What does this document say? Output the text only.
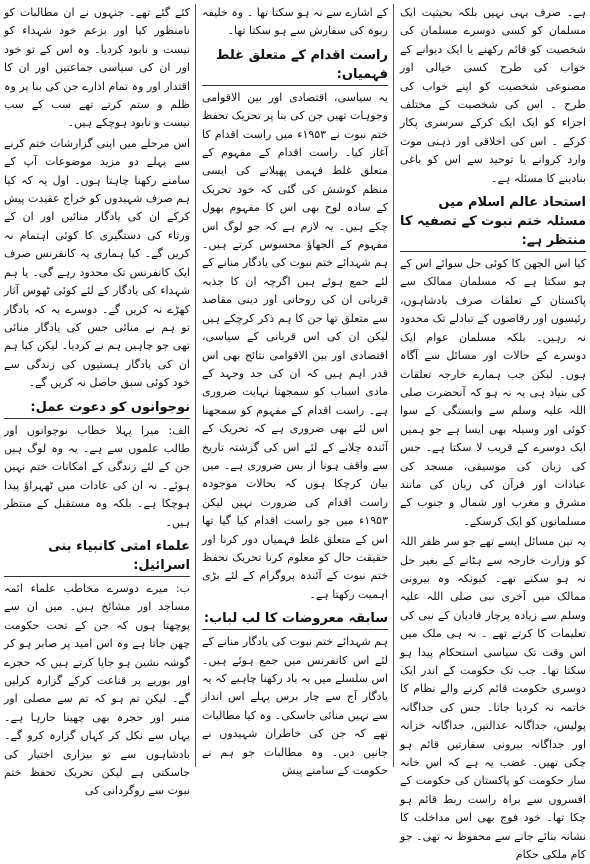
ہے۔ صرف یہی نہیں بلکہ بحیثیت ایک مسلمان کو کسی دوسرے مسلمان کی شخصیت کو قائم رکھنے یا ایک دیوانے کے خواب کی طرح کسی خیالی اور مصنوعی شخصیت کو اپنے خواب کی طرح ۔ اس کی شخصیت کے مختلف اجزاء کو ایک ایک کرکے سرسری پکار کرکے ۔ اس کی اخلاقی اور ذہنی موت وارد کروانے یا توحید سے اس کو باغی بنادینے کا مسئلہ ہے۔

استحاد عالم اسلام میں مسئلہ ختم نبوت کے تصفیہ کا منتظر ہے:

کیا اس الجھن کا کوئی حل سوائے اس کے ہو سکتا ہے کہ مسلمان ممالک سے پاکستان کے تعلقات صرف بادشاہوں، رئیسوں اور رقاصوں کے تبادلے تک محدود نہ رہیں۔ بلکہ مسلمان عوام ایک دوسرے کے حالات اور مسائل سے آگاہ ہوں۔ لیکن جب ہمارے خارجہ تعلقات کی بنیاد ہی یہ نہ ہو کہ آنحضرت صلی اللہ علیہ وسلم سے وابستگی کے سوا کوئی اور وسیلہ بھی ایسا ہے جو ہمیں ایک دوسرے کے قریب لا سکتا ہے۔ جس کی زبان کی موسیقی، مسجد کی عبادات اور قرآن کی زبان کی مانند مشرق و مغرب اور شمال و جنوب کے مسلمانوں کو ایک کرسکے۔

یہ تین مسائل ایسے تھے جو سر ظفر اللہ کو وزارت خارجہ سے ہٹانے کے بغیر حل نہ ہو سکتے تھے۔ کیونکہ وہ بیرونی ممالک میں آخری نبی صلی اللہ علیہ وسلم سے زیادہ پرچار قادیان کے نبی کی تعلیمات کا کرتے تھے ۔ نہ ہی ملک میں اس وقت تک سیاسی استحکام پیدا ہو سکتا تھا۔ جب تک حکومت کے اندر ایک دوسری حکومت قائم کرنے والے نظام کا خاتمہ نہ کردیا جاتا۔ جس کی جداگانہ پولیس، جداگانہ عدالتیں، جداگانہ خزانہ اور جداگانہ بیرونی سفارتیں قائم ہو چکی تھیں۔ غضب یہ ہے کہ اس خانہ ساز حکومت کو پاکستان کی حکومت کے افسروں سے براہ راست ربط قائم ہو چکا تھا۔ خود فوج بھی اس مداخلت کا نشانہ بنائے جانے سے محفوظ نہ تھی۔ جو کام ملکی حکام

کے اشارے سے نہ ہو سکتا تھا ۔ وہ خلیفہ ربوہ کی سفارش سے ہو سکتا تھا۔

راست اقدام کے متعلق غلط فہمیاں:

یہ سیاسی، اقتصادی اور بین الاقوامی وجوہات تھیں جن کی بنا پر تحریک تحفظ ختم نبوت نے ۱۹۵۳ء میں راست اقدام کا آغاز کیا۔ راست اقدام کے مفہوم کے متعلق غلط فہمی پھیلانے کی ایسی منظم کوشش کی گئی کہ خود تحریک کے سادہ لوح بھی اس کا مفہوم بھول چکے ہیں۔ یہ لازم ہے کہ جو لوگ اس مفہوم کے الجھاؤ محسوس کرتے ہیں۔ ہم شہدائے ختم نبوت کی یادگار منانے کے لئے جمع ہوئے ہیں اگرچہ ان کا جذبہ قربانی ان کی روحانی اور دینی مقاصد سے متعلق تھا جن کا ہم ذکر کرچکے ہیں لیکن ان کی اس قربانی کے سیاسی، اقتصادی اور بین الاقوامی نتائج بھی اس قدر اہم ہیں کہ ان کی جد وجہد کے مادی اسباب کو سمجھنا نہایت ضروری ہے۔ راست اقدام کے مفہوم کو سمجھنا اس لئے بھی ضروری ہے کہ تحریک کے آئندہ چلانے کے لئے اس کی گزشتہ تاریخ سے واقف ہونا از بس ضروری ہے۔ میں بیان کرچکا ہوں کہ بحالات موجودہ راست اقدام کی ضرورت نہیں لیکن ۱۹۵۳ء میں جو راست اقدام کیا گیا تھا اس کے متعلق غلط فہمیاں دور کرنا اور حقیقت حال کو معلوم کرنا تحریک تحفظ ختم نبوت کے آئندہ پروگرام کے لئے بڑی اہمیت رکھتا ہے۔

سابقہ معروضات کا لب لباب:

ہم شہدائے ختم نبوت کی یادگار منانے کے لئے اس کانفرنس میں جمع ہوئے ہیں۔ اس سلسلے میں یہ یاد رکھنا چاہیے کہ یہ یادگار آج سے چار برس پہلے اس انداز سے نہیں منائی جاسکی۔ وہ کیا مطالبات تھے کہ جن کی خاطران شہیدوں نے جانیں دیں۔ وہ مطالبات جو ہم نے حکومت کے سامنے پیش

کئے گئے تھے۔ جنہوں نے ان مطالبات کو نامنظور کیا اور بزعم خود شہداء کو نیست و نابود کردیا۔ وہ اس کے تو خود اور ان کی سیاسی جماعتیں اور ان کا اقتدار اور وہ تمام ادارے جن کی بنا پر وہ ظلم و ستم کرتے تھے سب کے سب نیست و نابود ہوچکے ہیں۔

اس مرحلے میں اپنی گزارشات ختم کرنے سے پہلے دو مزید موضوعات آپ کے سامنے رکھنا چاہتا ہوں۔ اول یہ کہ کیا ہم صرف شہیدوں کو خراج عقیدت پیش کرکے ان کی یادگار منائیں اور ان کے ورثاء کی دستگیری کا کوئی اہتمام نہ کریں گے۔ کیا ہماری یہ کانفرنس صرف ایک کانفرنس تک محدود رہے گی۔ یا ہم شہداء کی یادگار کے لئے کوئی ٹھوس آثار کھڑے نہ کریں گے۔ دوسرے یہ کہ یادگار تو ہم نے منائی جس کی یادگار منائی تھی جو چاہیں ہم نے کردیا۔ لیکن کیا ہم ان کی یادگار ہستیوں کی زندگی سے خود کوئی سبق حاصل نہ کریں گے۔

نوجوانوں کو دعوت عمل:

الف: میرا پہلا خطاب نوجوانوں اور طالب علموں سے ہے۔ یہ وہ لوگ ہیں جن کے لئے زندگی کے امکانات ختم نہیں ہوئے۔ نہ ان کی عادات میں ٹھہراؤ پیدا ہوچکا ہے۔ بلکہ وہ مستقبل کے منتظر ہیں۔

علماء امتی کانبیاء بنی اسرائیل:

ب: میرے دوسرے مخاطب علماء ائمہ مساجد اور مشائخ ہیں۔ میں ان سے پوچھتا ہوں کہ جن کے تحت حکومت چھن جاتا ہے وہ اس امید پر صابر ہو کر گوشہ نشین ہو جایا کرتے ہیں کہ حجرے اور بوریے پر قناعت کرکے گزارہ کرلیں گے۔ لیکن تم ہو کہ تم سے مصلی اور منبر اور حجرہ بھی چھینا جارہا ہے۔ یہاں سے نکل کر کہاں گزارہ کرو گے۔ بادشاہوں سے تو بیزاری اختیار کی جاسکتی ہے لیکن تحریک تحفظ ختم نبوت سے روگردانی کی
